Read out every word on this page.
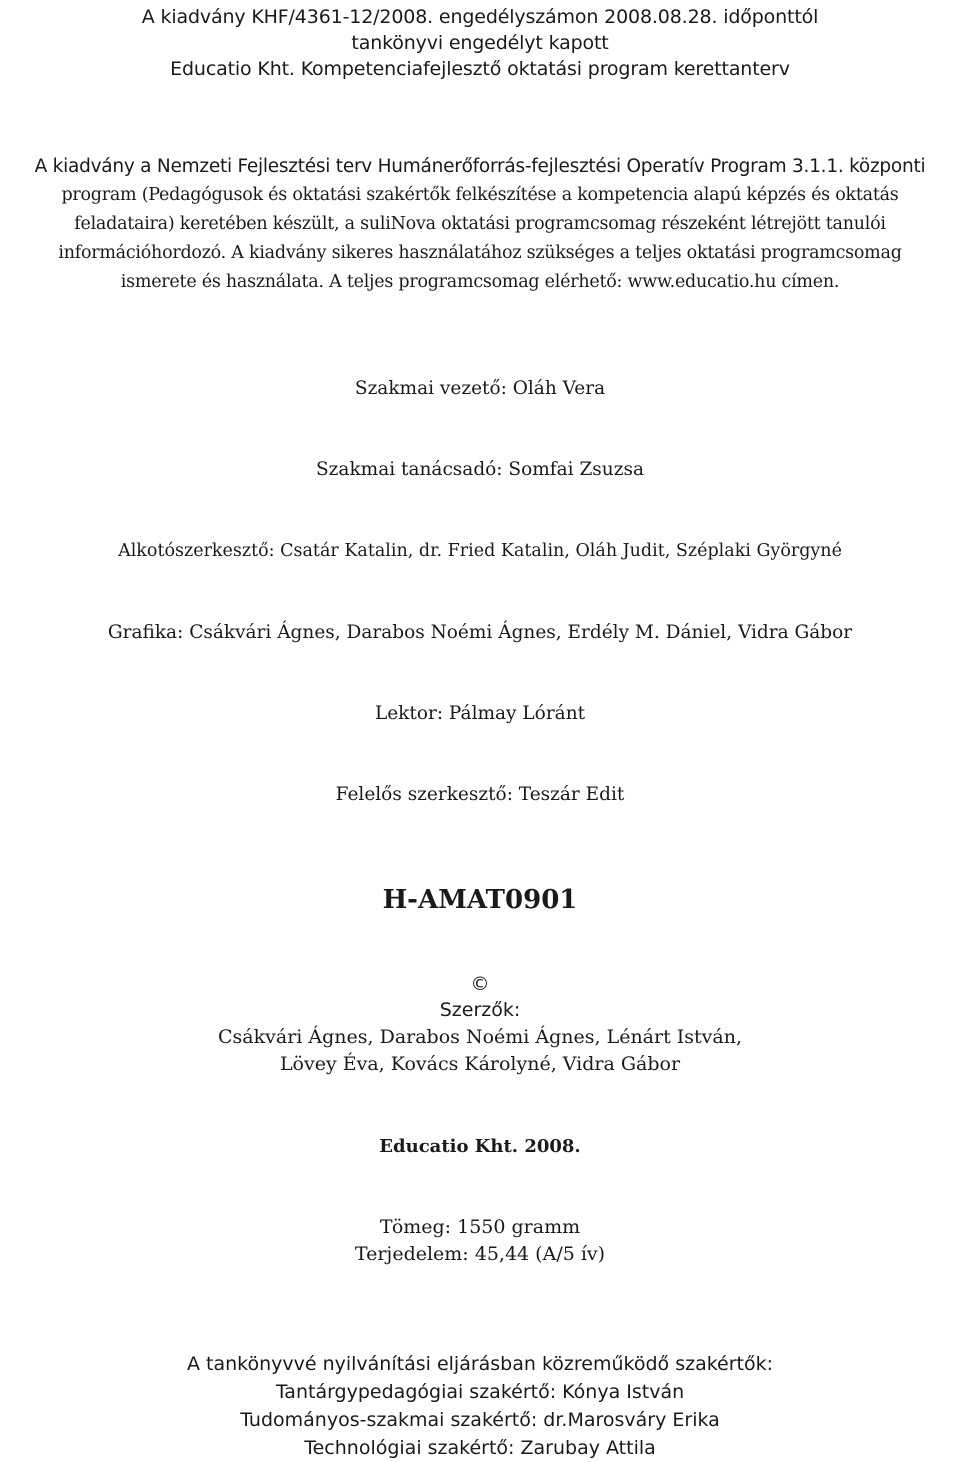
A kiadvány KHF/4361-12/2008. engedélyszámon 2008.08.28. időponttól
tankönyvi engedélyt kapott
Educatio Kht. Kompetenciafejlesztő oktatási program kerettanterv
A kiadvány a Nemzeti Fejlesztési terv Humánerőforrás-fejlesztési Operatív Program 3.1.1. központi
program (Pedagógusok és oktatási szakértők felkészítése a kompetencia alapú képzés és oktatás
feladataira) keretében készült, a suliNova oktatási programcsomag részeként létrejött tanulói
információhordozó. A kiadvány sikeres használatához szükséges a teljes oktatási programcsomag
ismerete és használata. A teljes programcsomag elérhető: www.educatio.hu címen.

Szakmai vezető: Oláh Vera

Szakmai tanácsadó: Somfai Zsuzsa

Alkotószerkesztő: Csatár Katalin, dr. Fried Katalin, Oláh Judit, Széplaki Györgyné

Grafika: Csákvári Ágnes, Darabos Noémi Ágnes, Erdély M. Dániel, Vidra Gábor

Lektor: Pálmay Lóránt

Felelős szerkesztő: Teszár Edit

H-AMAT0901

©
Szerzők:
Csákvári Ágnes, Darabos Noémi Ágnes, Lénárt István,
Lövey Éva, Kovács Károlyné, Vidra Gábor

Educatio Kht. 2008.

Tömeg: 1550 gramm
Terjedelem: 45,44 (A/5 ív)
A tankönyvvé nyilvánítási eljárásban közreműködő szakértők:
Tantárgypedagógiai szakértő: Kónya István
Tudományos-szakmai szakértő: dr.Marosváry Erika
Technológiai szakértő: Zarubay Attila
